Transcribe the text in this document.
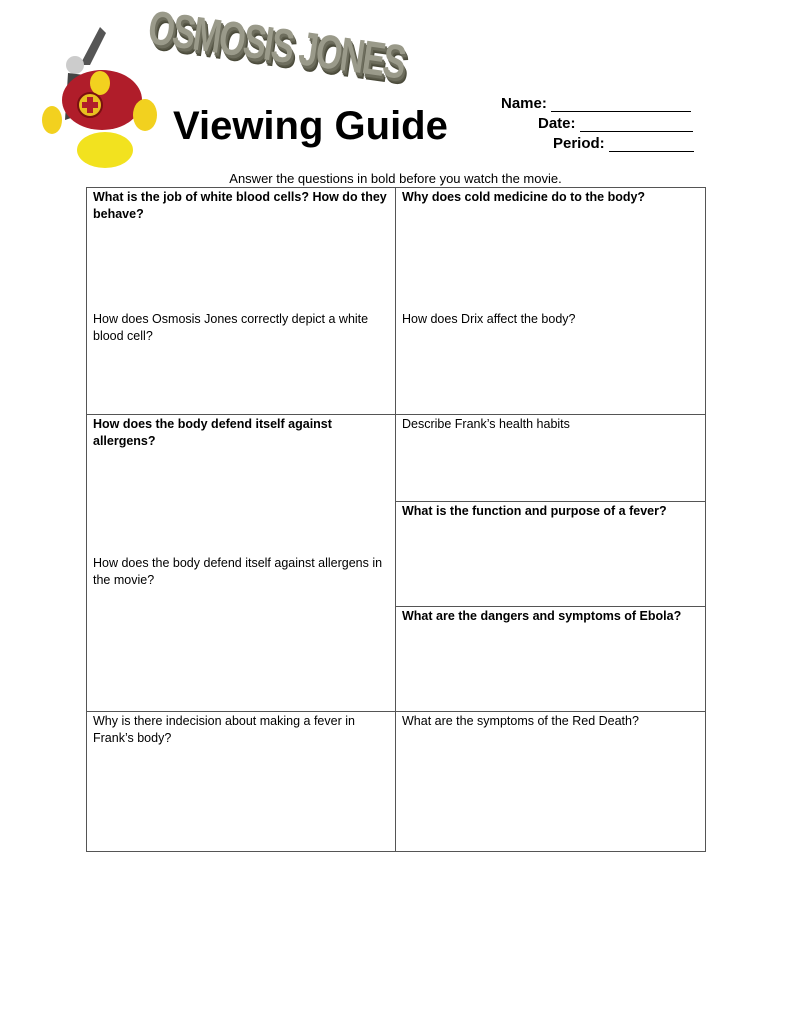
OSMOSIS JONES
Viewing Guide
Name:
Date:
Period:
Answer the questions in bold before you watch the movie.
What is the job of white blood cells? How do they behave?
How does Osmosis Jones correctly depict a white blood cell?
Why does cold medicine do to the body?
How does Drix affect the body?
How does the body defend itself against allergens?
How does the body defend itself against allergens in the movie?
Describe Frank’s health habits
What is the function and purpose of a fever?
What are the dangers and symptoms of Ebola?
Why is there indecision about making a fever in Frank’s body?
What are the symptoms of the Red Death?
